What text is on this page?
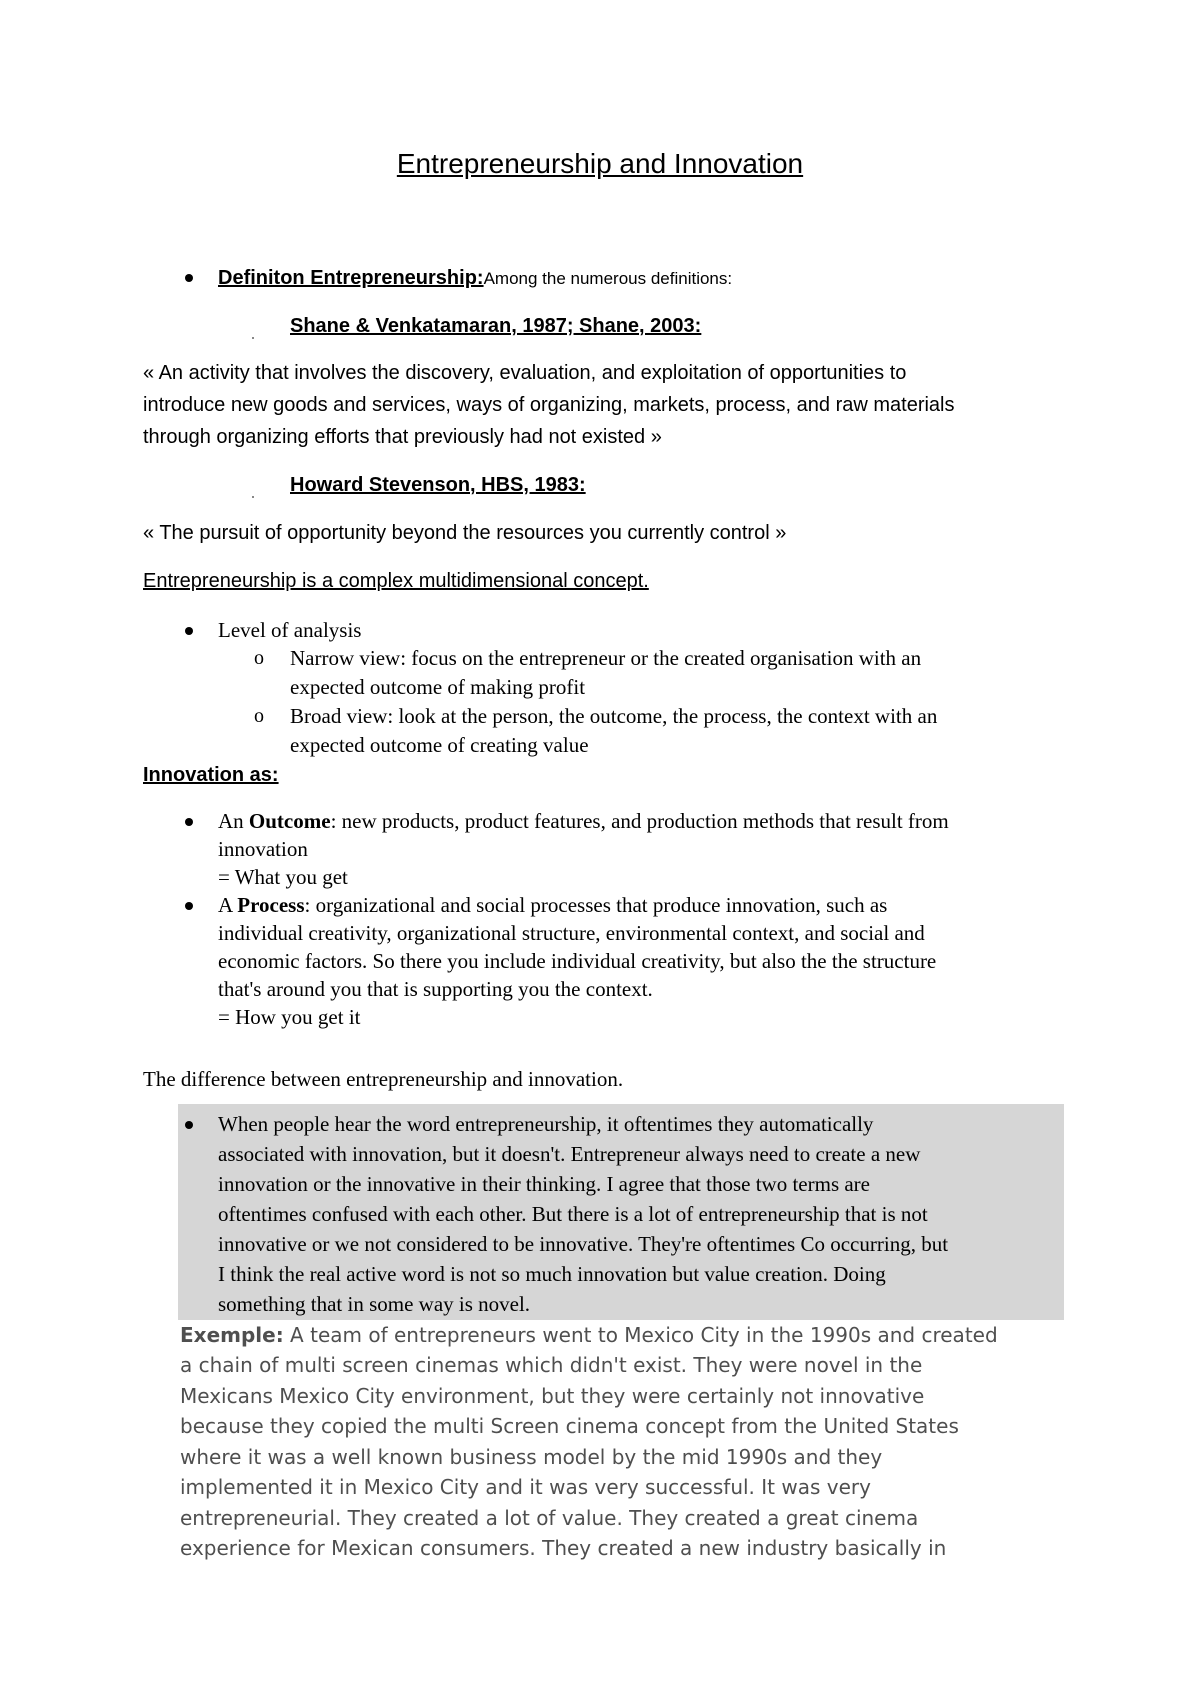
Entrepreneurship and Innovation
Definiton Entrepreneurship:Among the numerous definitions:
Shane & Venkatamaran, 1987; Shane, 2003:
« An activity that involves the discovery, evaluation, and exploitation of opportunities to
introduce new goods and services, ways of organizing, markets, process, and raw materials
through organizing efforts that previously had not existed »
Howard Stevenson, HBS, 1983:
« The pursuit of opportunity beyond the resources you currently control »
Entrepreneurship is a complex multidimensional concept.
Level of analysis
o Narrow view: focus on the entrepreneur or the created organisation with an
expected outcome of making profit
o Broad view: look at the person, the outcome, the process, the context with an
expected outcome of creating value
Innovation as:
An Outcome: new products, product features, and production methods that result from
innovation
= What you get
A Process: organizational and social processes that produce innovation, such as
individual creativity, organizational structure, environmental context, and social and
economic factors. So there you include individual creativity, but also the the structure
that's around you that is supporting you the context.
= How you get it
The difference between entrepreneurship and innovation.
When people hear the word entrepreneurship, it oftentimes they automatically
associated with innovation, but it doesn't. Entrepreneur always need to create a new
innovation or the innovative in their thinking. I agree that those two terms are
oftentimes confused with each other. But there is a lot of entrepreneurship that is not
innovative or we not considered to be innovative. They're oftentimes Co occurring, but
I think the real active word is not so much innovation but value creation. Doing
something that in some way is novel.
Exemple: A team of entrepreneurs went to Mexico City in the 1990s and created
a chain of multi screen cinemas which didn't exist. They were novel in the
Mexicans Mexico City environment, but they were certainly not innovative
because they copied the multi Screen cinema concept from the United States
where it was a well known business model by the mid 1990s and they
implemented it in Mexico City and it was very successful. It was very
entrepreneurial. They created a lot of value. They created a great cinema
experience for Mexican consumers. They created a new industry basically in
